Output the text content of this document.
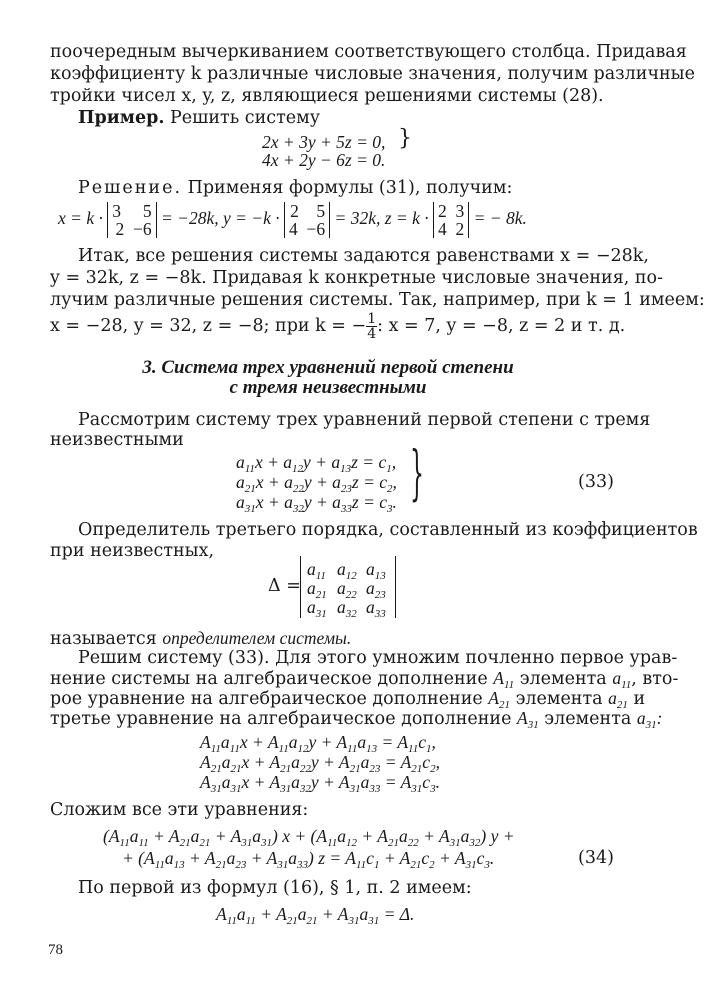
поочередным вычеркиванием соответствующего столбца. Придавая
коэффициенту k различные числовые значения, получим различные
тройки чисел x, y, z, являющиеся решениями системы (28).
Пример. Решить систему
2x + 3y + 5z = 0,
4x + 2y − 6z = 0.
}
Решение. Применяя формулы (31), получим:
x = k · 3     5
2  −6
= −28k, y = −k · 2    5
4  −6
= 32k, z = k · 2  3
4  2
= − 8k.
Итак, все решения системы задаются равенствами x = −28k,
y = 32k, z = −8k. Придавая k конкретные числовые значения, по-
лучим различные решения системы. Так, например, при k = 1 имеем:
x = −28, y = 32, z = −8; при k = − $\frac{1}{4}$ : x = 7, y = −8, z = 2 и т. д.
3. Система трех уравнений первой степени
с тремя неизвестными
Рассмотрим систему трех уравнений первой степени с тремя
неизвестными
$a_{11}x + a_{12}y + a_{13}z = c_1$,
$a_{21}x + a_{22}y + a_{23}z = c_2$,
$a_{31}x + a_{32}y + a_{33}z = c_3$. }	(33)
Определитель третьего порядка, составленный из коэффициентов
при неизвестных,
Δ =
$a_{11}$ $a_{12}$ $a_{13}$
$a_{21}$ $a_{22}$ $a_{23}$
$a_{31}$ $a_{32}$ $a_{33}$
называется определителем системы.
Решим систему (33). Для этого умножим почленно первое урав-
нение системы на алгебраическое дополнение $A_{11}$ элемента $a_{11}$, вто-
рое уравнение на алгебраическое дополнение $A_{21}$ элемента $a_{21}$ и
третье уравнение на алгебраическое дополнение $A_{31}$ элемента $a_{31}$:
$A_{11}a_{11}x + A_{11}a_{12}y + A_{11}a_{13} = A_{11}c_1$,
$A_{21}a_{21}x + A_{21}a_{22}y + A_{21}a_{23} = A_{21}c_2$,
$A_{31}a_{31}x + A_{31}a_{32}y + A_{31}a_{33} = A_{31}c_3$.
Сложим все эти уравнения:
$(A_{11}a_{11} + A_{21}a_{21} + A_{31}a_{31}) x + (A_{11}a_{12} + A_{21}a_{22} + A_{31}a_{32}) y$ +
+ $(A_{11}a_{13} + A_{21}a_{23} + A_{31}a_{33}) z = A_{11}c_1 + A_{21}c_2 + A_{31}c_3$.	(34)
По первой из формул (16), § 1, п. 2 имеем:
$A_{11}a_{11} + A_{21}a_{21} + A_{31}a_{31} = \Delta$.
78
